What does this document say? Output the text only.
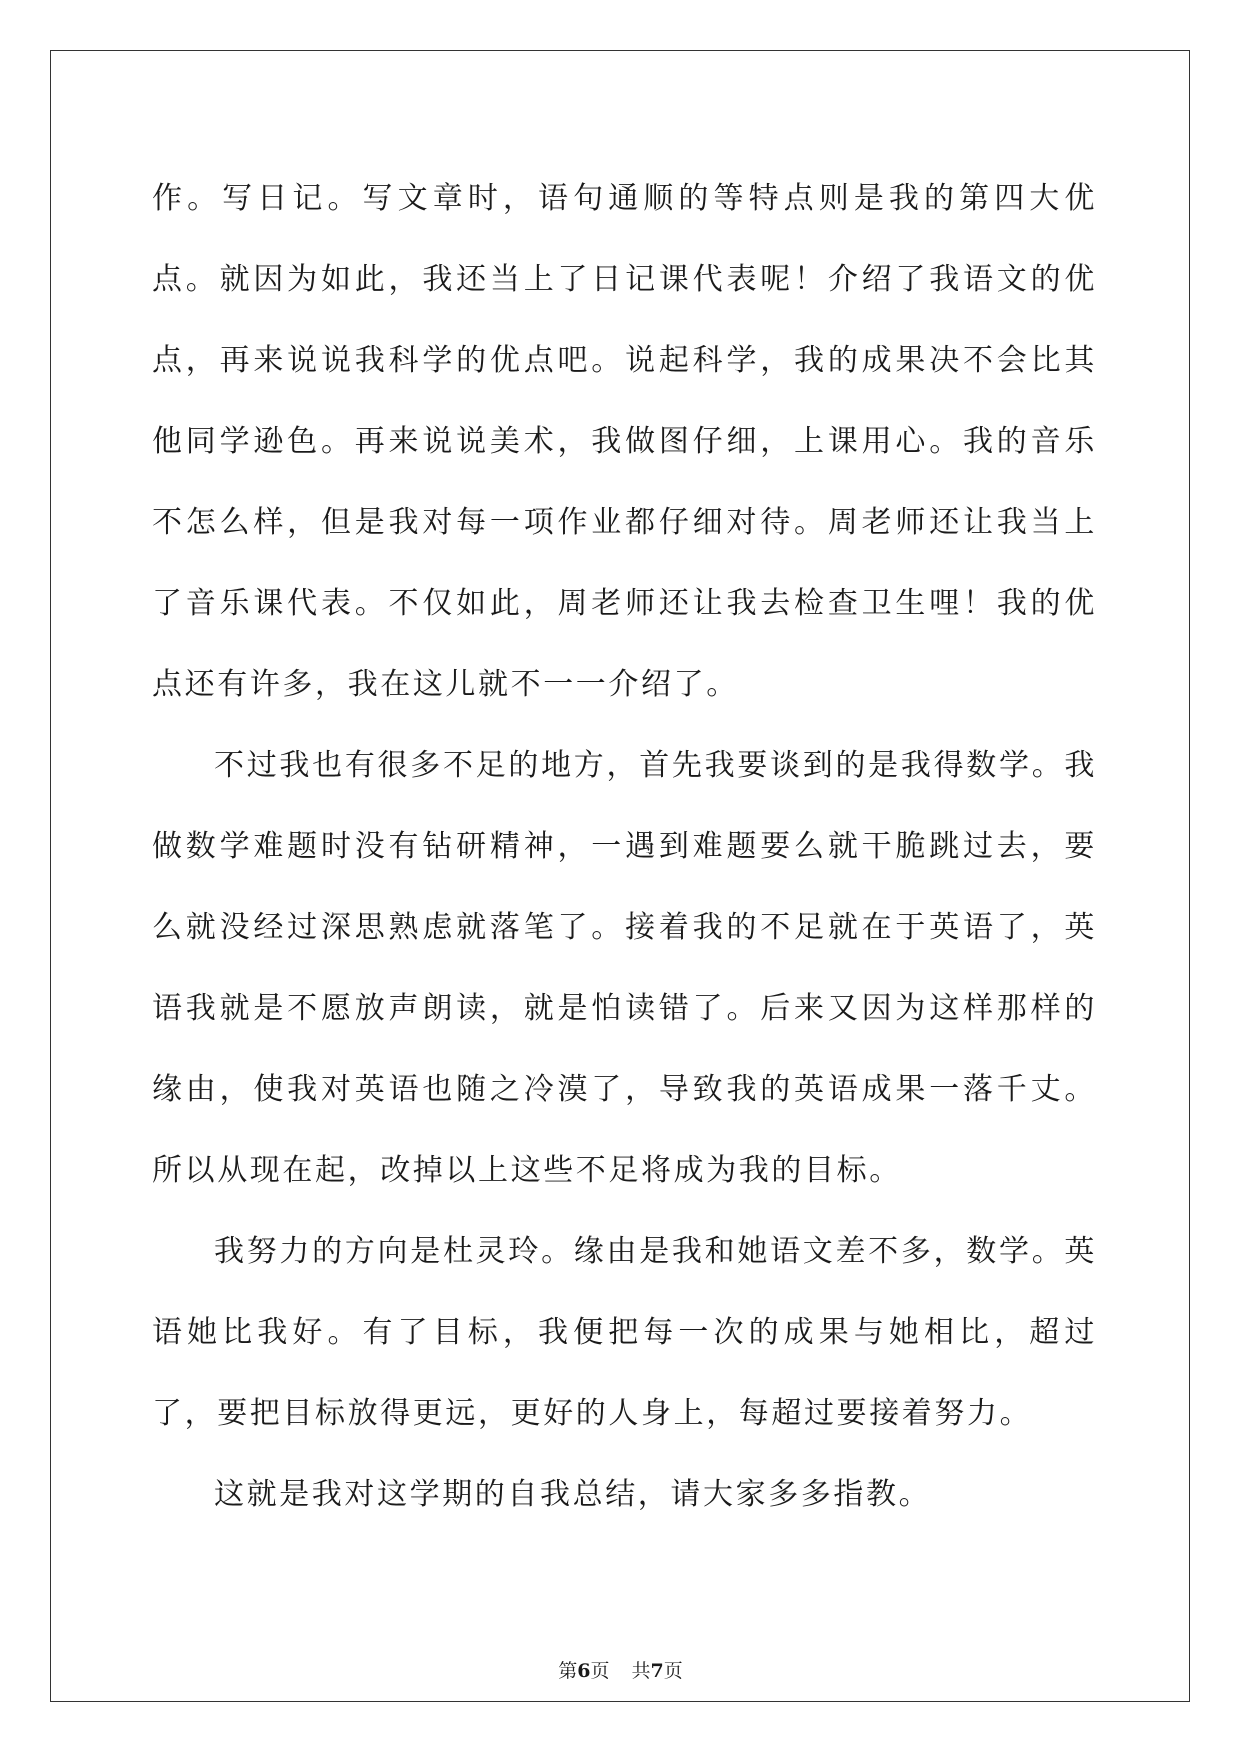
作。写日记。写文章时，语句通顺的等特点则是我的第四大优点。就因为如此，我还当上了日记课代表呢！介绍了我语文的优点，再来说说我科学的优点吧。说起科学，我的成果决不会比其他同学逊色。再来说说美术，我做图仔细，上课用心。我的音乐不怎么样，但是我对每一项作业都仔细对待。周老师还让我当上了音乐课代表。不仅如此，周老师还让我去检查卫生哩！我的优点还有许多，我在这儿就不一一介绍了。

不过我也有很多不足的地方，首先我要谈到的是我得数学。我做数学难题时没有钻研精神，一遇到难题要么就干脆跳过去，要么就没经过深思熟虑就落笔了。接着我的不足就在于英语了，英语我就是不愿放声朗读，就是怕读错了。后来又因为这样那样的缘由，使我对英语也随之冷漠了，导致我的英语成果一落千丈。所以从现在起，改掉以上这些不足将成为我的目标。

我努力的方向是杜灵玲。缘由是我和她语文差不多，数学。英语她比我好。有了目标，我便把每一次的成果与她相比，超过了，要把目标放得更远，更好的人身上，每超过要接着努力。

这就是我对这学期的自我总结，请大家多多指教。

第6页 共7页
